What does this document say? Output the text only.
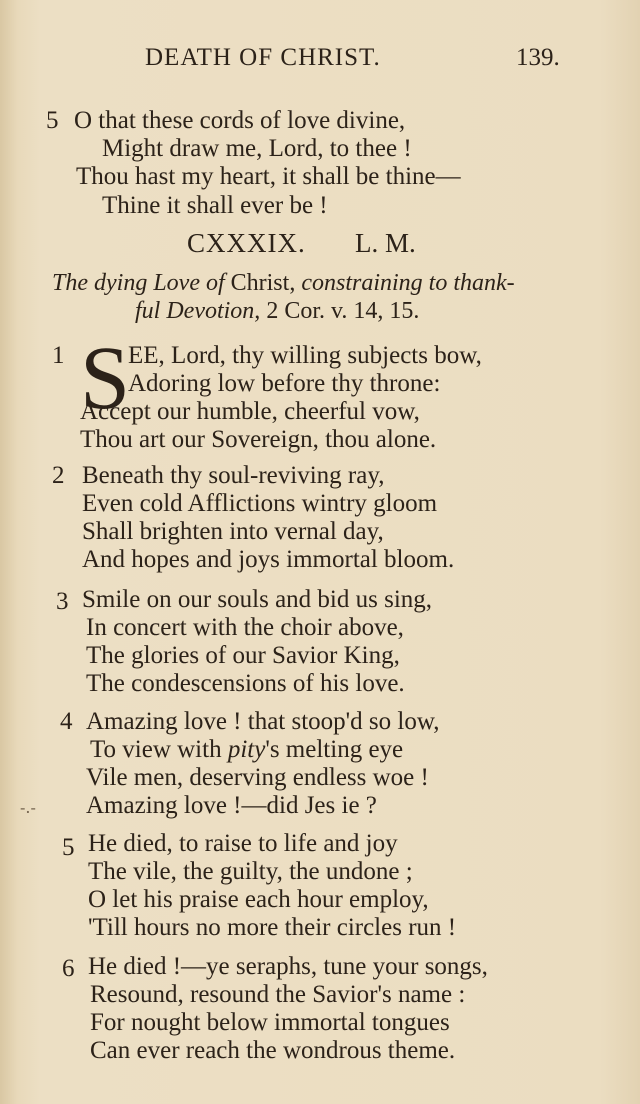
DEATH OF CHRIST.	139.
5 O that these cords of love divine,
Might draw me, Lord, to thee !
Thou hast my heart, it shall be thine—
Thine it shall ever be !
CXXXIX. L. M.
The dying Love of Christ, constraining to thank-
ful Devotion, 2 Cor. v. 14, 15.
1 S
EE, Lord, thy willing subjects bow,
Adoring low before thy throne:
Accept our humble, cheerful vow,
Thou art our Sovereign, thou alone.
2 Beneath thy soul-reviving ray,
Even cold Afflictions wintry gloom
Shall brighten into vernal day,
And hopes and joys immortal bloom.
3 Smile on our souls and bid us sing,
In concert with the choir above,
The glories of our Savior King,
The condescensions of his love.
4 Amazing love ! that stoop'd so low,
To view with pity's melting eye
Vile men, deserving endless woe !
Amazing love !—did Jes ie ?
-.-
5 He died, to raise to life and joy
The vile, the guilty, the undone ;
O let his praise each hour employ,
'Till hours no more their circles run !
6 He died !—ye seraphs, tune your songs,
Resound, resound the Savior's name :
For nought below immortal tongues
Can ever reach the wondrous theme.
